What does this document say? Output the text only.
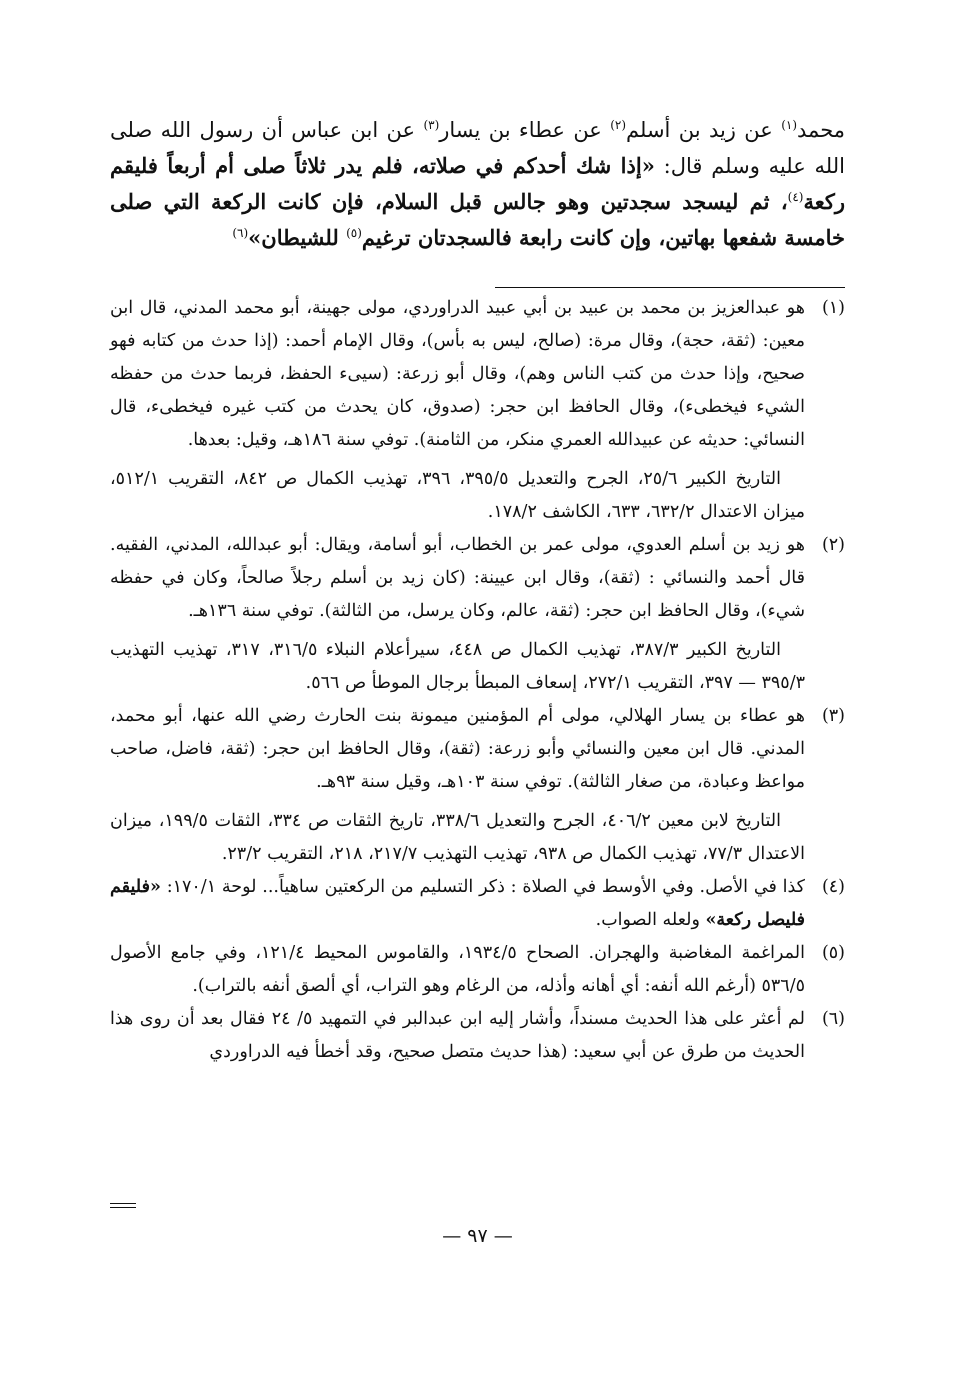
محمد$^{(١)}$ عن زيد بن أسلم$^{(٢)}$ عن عطاء بن يسار$^{(٣)}$ عن ابن عباس أن رسول الله صلى الله عليه وسلم قال: «إذا شك أحدكم في صلاته، فلم يدر ثلاثاً صلى أم أربعاً فليقم ركعة$^{(٤)}$، ثم ليسجد سجدتين وهو جالس قبل السلام، فإن كانت الركعة التي صلى خامسة شفعها بهاتين، وإن كانت رابعة فالسجدتان ترغيم$^{(٥)}$ للشيطان»$^{(٦)}$
(١)

هو عبدالعزيز بن محمد بن عبيد بن أبي عبيد الدراوردي، مولى جهينة، أبو محمد المدني، قال ابن معين: (ثقة، حجة)، وقال مرة: (صالح، ليس به بأس)، وقال الإمام أحمد: (إذا حدث من كتابه فهو صحيح، وإذا حدث من كتب الناس وهم)، وقال أبو زرعة: (سيىء الحفظ، فربما حدث من حفظه الشيء فيخطىء)، وقال الحافظ ابن حجر: (صدوق، كان يحدث من كتب غيره فيخطىء، قال النسائي: حديثه عن عبيدالله العمري منكر، من الثامنة). توفي سنة ١٨٦هـ، وقيل: بعدها.

التاريخ الكبير ٢٥/٦، الجرح والتعديل ٣٩٥/٥، ٣٩٦، تهذيب الكمال ص ٨٤٢، التقريب ٥١٢/١، ميزان الاعتدال ٦٣٢/٢، ٦٣٣، الكاشف ١٧٨/٢.

(٢)

هو زيد بن أسلم العدوي، مولى عمر بن الخطاب، أبو أسامة، ويقال: أبو عبدالله، المدني، الفقيه. قال أحمد والنسائي : (ثقة)، وقال ابن عيينة: (كان زيد بن أسلم رجلاً صالحاً، وكان في حفظه شيء)، وقال الحافظ ابن حجر: (ثقة، عالم، وكان يرسل، من الثالثة). توفي سنة ١٣٦هـ.

التاريخ الكبير ٣٨٧/٣، تهذيب الكمال ص ٤٤٨، سيرأعلام النبلاء ٣١٦/٥، ٣١٧، تهذيب التهذيب ٣٩٥/٣ — ٣٩٧، التقريب ٢٧٢/١، إسعاف المبطأ برجال الموطأ ص ٥٦٦.

(٣)

هو عطاء بن يسار الهلالي، مولى أم المؤمنين ميمونة بنت الحارث رضي الله عنها، أبو محمد، المدني. قال ابن معين والنسائي وأبو زرعة: (ثقة)، وقال الحافظ ابن حجر: (ثقة، فاضل، صاحب مواعظ وعبادة، من صغار الثالثة). توفي سنة ١٠٣هـ، وقيل سنة ٩٣هـ.

التاريخ لابن معين ٤٠٦/٢، الجرح والتعديل ٣٣٨/٦، تاريخ الثقات ص ٣٣٤، الثقات ١٩٩/٥، ميزان الاعتدال ٧٧/٣، تهذيب الكمال ص ٩٣٨، تهذيب التهذيب ٢١٧/٧، ٢١٨، التقريب ٢٣/٢.

(٤)

كذا في الأصل. وفي الأوسط في الصلاة : ذكر التسليم من الركعتين ساهياً... لوحة ١٧٠/١: «فليقم فليصل ركعة» ولعله الصواب.

(٥)

المراغمة المغاضبة والهجران. الصحاح ١٩٣٤/٥، والقاموس المحيط ١٢١/٤، وفي جامع الأصول ٥٣٦/٥ (أرغم الله أنفه: أي أهانه وأذله، من الرغام وهو التراب، أي ألصق أنفه بالتراب).

(٦)

لم أعثر على هذا الحديث مسنداً، وأشار إليه ابن عبدالبر في التمهيد ٥/ ٢٤ فقال بعد أن روى هذا الحديث من طرق عن أبي سعيد: (هذا حديث متصل صحيح، وقد أخطأ فيه الدراوردي

— ٩٧ —
